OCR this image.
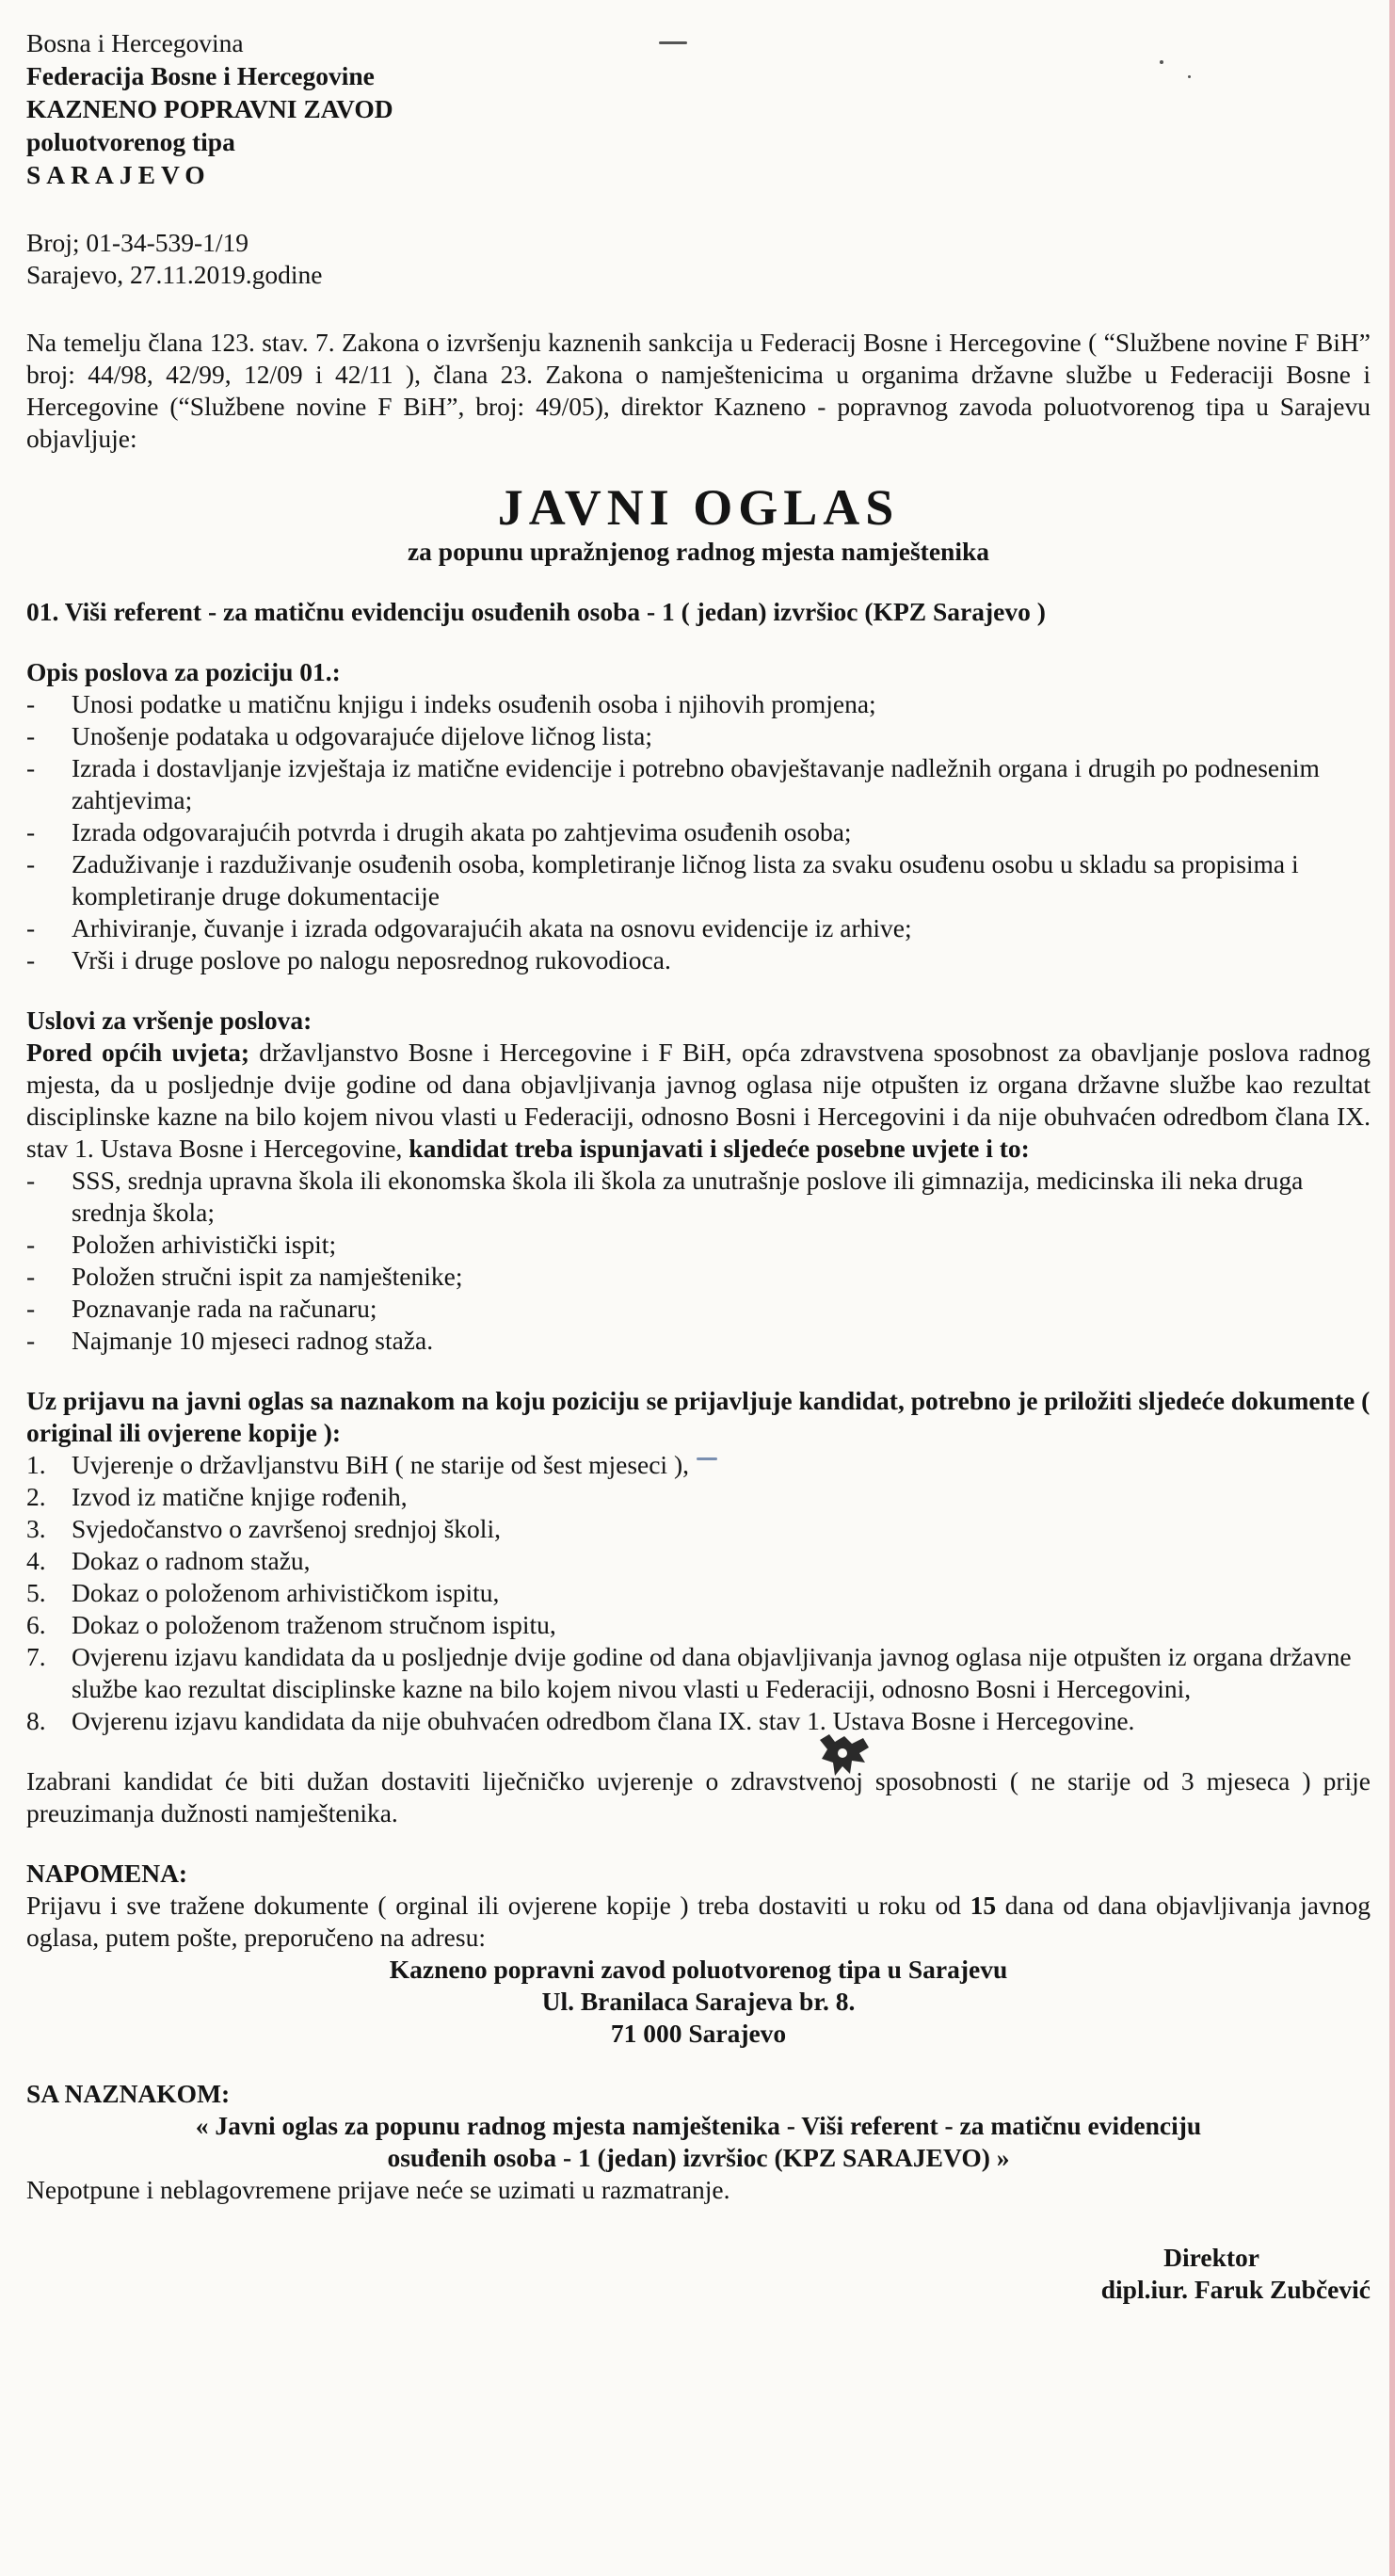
Bosna i Hercegovina
Federacija Bosne i Hercegovine
KAZNENO POPRAVNI ZAVOD
poluotvorenog tipa
SARAJEVO
Broj; 01-34-539-1/19
Sarajevo, 27.11.2019.godine

Na temelju člana 123. stav. 7. Zakona o izvršenju kaznenih sankcija u Federacij Bosne i Hercegovine ( “Službene novine F BiH” broj: 44/98, 42/99, 12/09 i 42/11 ), člana 23. Zakona o namještenicima u organima državne službe u Federaciji Bosne i Hercegovine (“Službene novine F BiH”, broj: 49/05), direktor Kazneno - popravnog zavoda poluotvorenog tipa u Sarajevu objavljuje:

JAVNI OGLAS
za popunu upražnjenog radnog mjesta namještenika
01. Viši referent - za matičnu evidenciju osuđenih osoba - 1 ( jedan) izvršioc (KPZ Sarajevo )
Opis poslova za poziciju 01.:
- Unosi podatke u matičnu knjigu i indeks osuđenih osoba i njihovih promjena;
- Unošenje podataka u odgovarajuće dijelove ličnog lista;
- Izrada i dostavljanje izvještaja iz matične evidencije i potrebno obavještavanje nadležnih organa i drugih po podnesenim zahtjevima;
- Izrada odgovarajućih potvrda i drugih akata po zahtjevima osuđenih osoba;
- Zaduživanje i razduživanje osuđenih osoba, kompletiranje ličnog lista za svaku osuđenu osobu u skladu sa propisima i kompletiranje druge dokumentacije
- Arhiviranje, čuvanje i izrada odgovarajućih akata na osnovu evidencije iz arhive;
- Vrši i druge poslove po nalogu neposrednog rukovodioca.
Uslovi za vršenje poslova:

Pored općih uvjeta; državljanstvo Bosne i Hercegovine i F BiH, opća zdravstvena sposobnost za obavljanje poslova radnog mjesta, da u posljednje dvije godine od dana objavljivanja javnog oglasa nije otpušten iz organa državne službe kao rezultat disciplinske kazne na bilo kojem nivou vlasti u Federaciji, odnosno Bosni i Hercegovini i da nije obuhvaćen odredbom člana IX. stav 1. Ustava Bosne i Hercegovine, kandidat treba ispunjavati i sljedeće posebne uvjete i to:

- SSS, srednja upravna škola ili ekonomska škola ili škola za unutrašnje poslove ili gimnazija, medicinska ili neka druga srednja škola;
- Položen arhivistički ispit;
- Položen stručni ispit za namještenike;
- Poznavanje rada na računaru;
- Najmanje 10 mjeseci radnog staža.
Uz prijavu na javni oglas sa naznakom na koju poziciju se prijavljuje kandidat, potrebno je priložiti sljedeće dokumente ( original ili ovjerene kopije ):
1. Uvjerenje o državljanstvu BiH ( ne starije od šest mjeseci ),
2. Izvod iz matične knjige rođenih,
3. Svjedočanstvo o završenoj srednjoj školi,
4. Dokaz o radnom stažu,
5. Dokaz o položenom arhivističkom ispitu,
6. Dokaz o položenom traženom stručnom ispitu,
7. Ovjerenu izjavu kandidata da u posljednje dvije godine od dana objavljivanja javnog oglasa nije otpušten iz organa državne službe kao rezultat disciplinske kazne na bilo kojem nivou vlasti u Federaciji, odnosno Bosni i Hercegovini,
8. Ovjerenu izjavu kandidata da nije obuhvaćen odredbom člana IX. stav 1. Ustava Bosne i Hercegovine.

Izabrani kandidat će biti dužan dostaviti liječničko uvjerenje o zdravstvenoj sposobnosti ( ne starije od 3 mjeseca ) prije preuzimanja dužnosti namještenika.

NAPOMENA:

Prijavu i sve tražene dokumente ( orginal ili ovjerene kopije ) treba dostaviti u roku od 15 dana od dana objavljivanja javnog oglasa, putem pošte, preporučeno na adresu:

Kazneno popravni zavod poluotvorenog tipa u Sarajevu
Ul. Branilaca Sarajeva br. 8.
71 000 Sarajevo
SA NAZNAKOM:
« Javni oglas za popunu radnog mjesta namještenika - Viši referent - za matičnu evidenciju
osuđenih osoba - 1 (jedan) izvršioc (KPZ SARAJEVO) »
Nepotpune i neblagovremene prijave neće se uzimati u razmatranje.
Direktor
dipl.iur. Faruk Zubčević
